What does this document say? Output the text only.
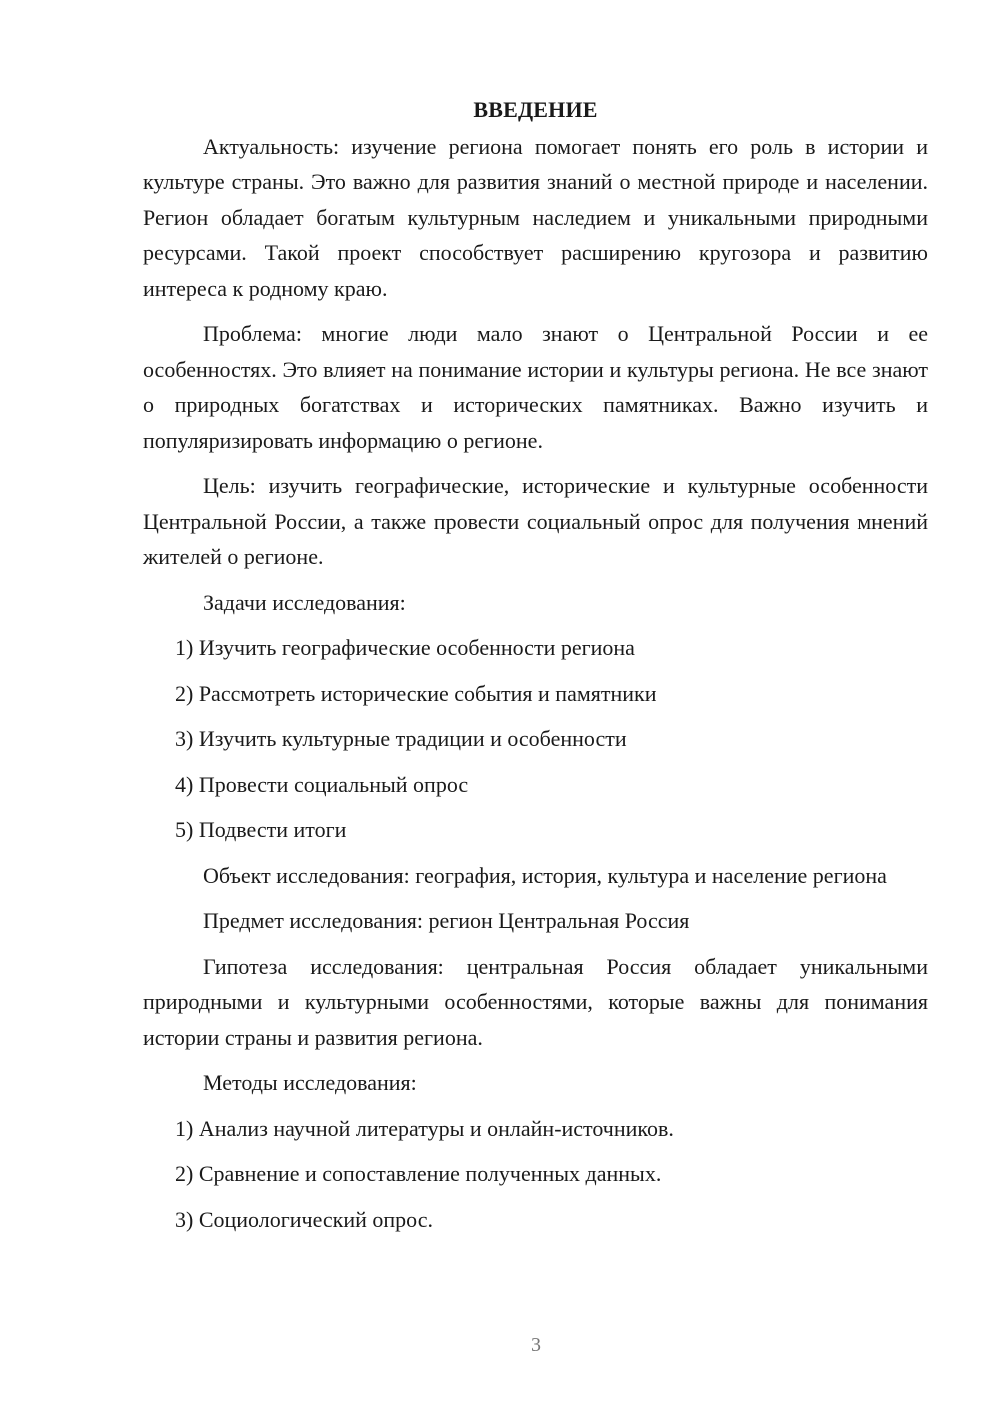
ВВЕДЕНИЕ
Актуальность: изучение региона помогает понять его роль в истории и культуре страны. Это важно для развития знаний о местной природе и населении. Регион обладает богатым культурным наследием и уникальными природными ресурсами. Такой проект способствует расширению кругозора и развитию интереса к родному краю.
Проблема: многие люди мало знают о Центральной России и ее особенностях. Это влияет на понимание истории и культуры региона. Не все знают о природных богатствах и исторических памятниках. Важно изучить и популяризировать информацию о регионе.
Цель: изучить географические, исторические и культурные особенности Центральной России, а также провести социальный опрос для получения мнений жителей о регионе.
Задачи исследования:
1) Изучить географические особенности региона
2) Рассмотреть исторические события и памятники
3) Изучить культурные традиции и особенности
4) Провести социальный опрос
5) Подвести итоги
Объект исследования: география, история, культура и население региона
Предмет исследования: регион Центральная Россия
Гипотеза исследования: центральная Россия обладает уникальными природными и культурными особенностями, которые важны для понимания истории страны и развития региона.
Методы исследования:
1) Анализ научной литературы и онлайн-источников.
2) Сравнение и сопоставление полученных данных.
3) Социологический опрос.
3
